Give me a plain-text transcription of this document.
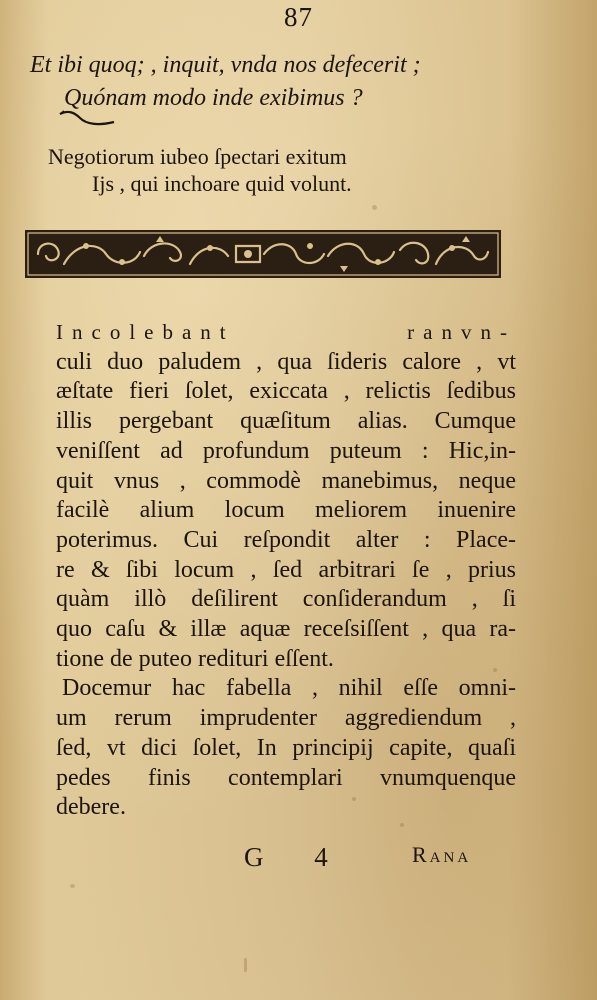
87
Et ibi quoq; , inquit, vnda nos defecerit ;
Quónam modo inde exibimus ?
Negotiorum iubeo ſpectari exitum
Ijs , qui inchoare quid volunt.
Incolebant ranvn-
culi duo paludem , qua ſideris calore , vt
æſtate fieri ſolet, exiccata , relictis ſedibus
illis pergebant quæſitum alias. Cumque
veniſſent ad profundum puteum : Hic,in-
quit vnus , commodè manebimus, neque
facilè alium locum meliorem inuenire
poterimus. Cui reſpondit alter : Place-
re & ſibi locum , ſed arbitrari ſe , prius
quàm illò deſilirent conſiderandum , ſi
quo caſu & illæ aquæ receſsiſſent , qua ra-
tione de puteo redituri eſſent.
Docemur hac fabella , nihil eſſe omni-
um rerum imprudenter aggrediendum ,
ſed, vt dici ſolet, In principij capite, quaſi
pedes finis contemplari vnumquenque
debere.
G 4	Rana
